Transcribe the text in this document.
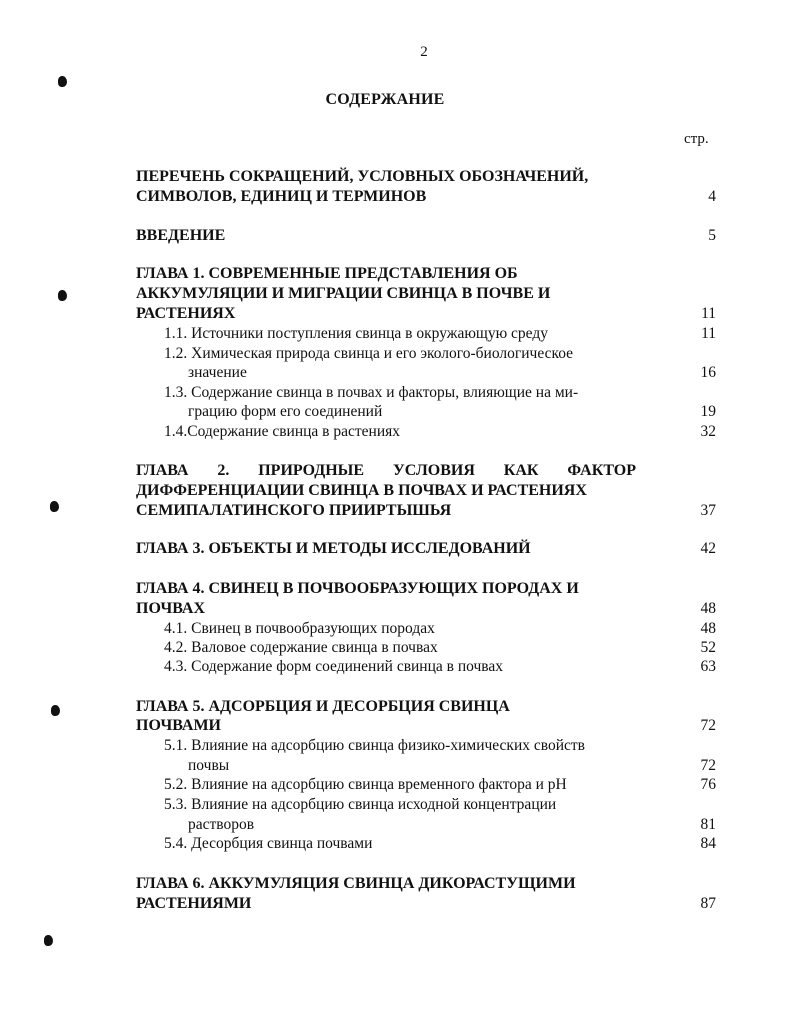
2
СОДЕРЖАНИЕ
стр.
ПЕРЕЧЕНЬ СОКРАЩЕНИЙ, УСЛОВНЫХ ОБОЗНАЧЕНИЙ,
СИМВОЛОВ, ЕДИНИЦ И ТЕРМИНОВ	4
ВВЕДЕНИЕ	5
ГЛАВА 1. СОВРЕМЕННЫЕ ПРЕДСТАВЛЕНИЯ ОБ
АККУМУЛЯЦИИ И МИГРАЦИИ СВИНЦА В ПОЧВЕ И
РАСТЕНИЯХ	11
1.1. Источники поступления свинца в окружающую среду	11
1.2. Химическая природа свинца и его эколого-биологическое
значение	16
1.3. Содержание свинца в почвах и факторы, влияющие на ми-
грацию форм его соединений	19
1.4.Содержание свинца в растениях	32
ГЛАВА 2. ПРИРОДНЫЕ УСЛОВИЯ КАК ФАКТОР
ДИФФЕРЕНЦИАЦИИ СВИНЦА В ПОЧВАХ И РАСТЕНИЯХ
СЕМИПАЛАТИНСКОГО ПРИИРТЫШЬЯ	37
ГЛАВА 3. ОБЪЕКТЫ И МЕТОДЫ ИССЛЕДОВАНИЙ	42
ГЛАВА 4. СВИНЕЦ В ПОЧВООБРАЗУЮЩИХ ПОРОДАХ И
ПОЧВАХ	48
4.1. Свинец в почвообразующих породах	48
4.2. Валовое содержание свинца в почвах	52
4.3. Содержание форм соединений свинца в почвах	63
ГЛАВА 5. АДСОРБЦИЯ И ДЕСОРБЦИЯ СВИНЦА
ПОЧВАМИ	72
5.1. Влияние на адсорбцию свинца физико-химических свойств
почвы	72
5.2. Влияние на адсорбцию свинца временного фактора и pH	76
5.3. Влияние на адсорбцию свинца исходной концентрации
растворов	81
5.4. Десорбция свинца почвами	84
ГЛАВА 6. АККУМУЛЯЦИЯ СВИНЦА ДИКОРАСТУЩИМИ
РАСТЕНИЯМИ	87
